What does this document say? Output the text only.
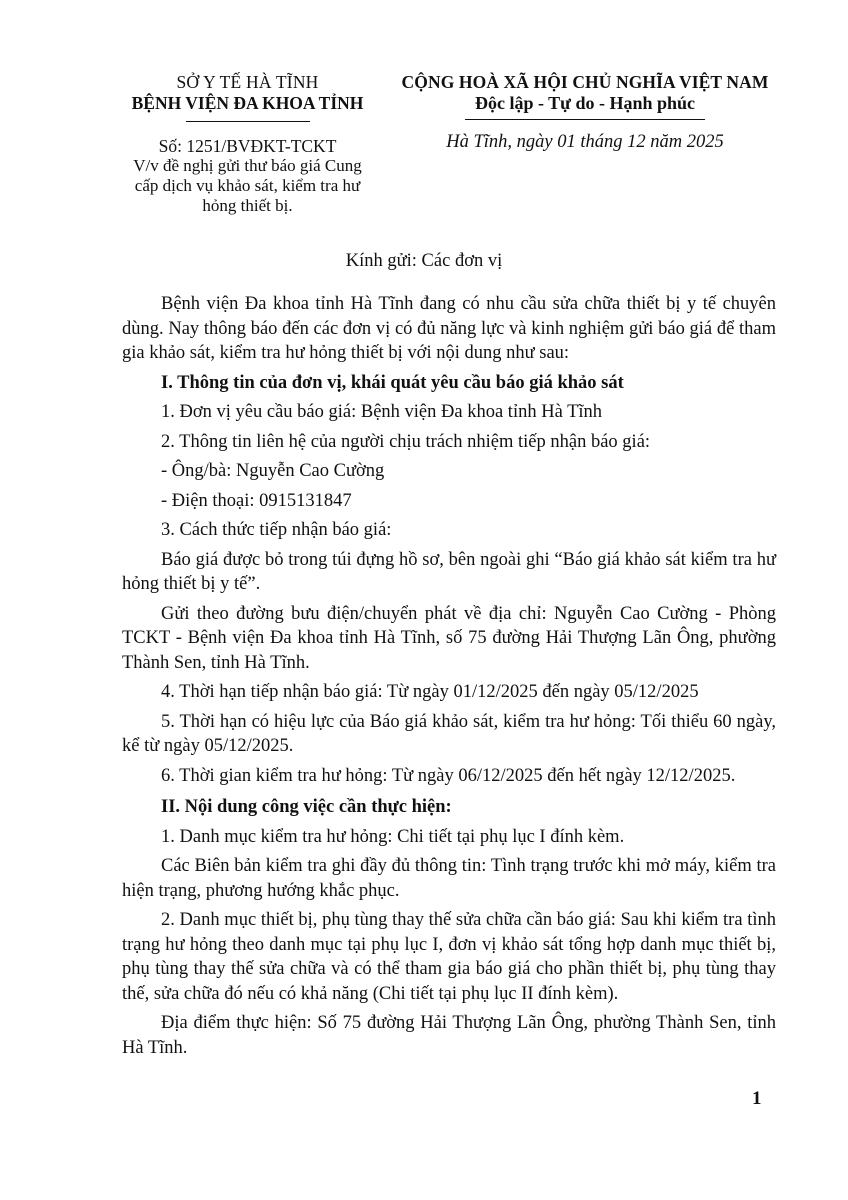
SỞ Y TẾ HÀ TĨNH
BỆNH VIỆN ĐA KHOA TỈNH
Số: 1251/BVĐKT-TCKT
V/v đề nghị gửi thư báo giá Cung cấp dịch vụ khảo sát, kiểm tra hư hỏng thiết bị.
CỘNG HOÀ XÃ HỘI CHỦ NGHĨA VIỆT NAM
Độc lập - Tự do - Hạnh phúc
Hà Tĩnh, ngày 01 tháng 12 năm 2025
Kính gửi: Các đơn vị

Bệnh viện Đa khoa tỉnh Hà Tĩnh đang có nhu cầu sửa chữa thiết bị y tế chuyên dùng. Nay thông báo đến các đơn vị có đủ năng lực và kinh nghiệm gửi báo giá để tham gia khảo sát, kiểm tra hư hỏng thiết bị với nội dung như sau:

I. Thông tin của đơn vị, khái quát yêu cầu báo giá khảo sát

1. Đơn vị yêu cầu báo giá: Bệnh viện Đa khoa tỉnh Hà Tĩnh

2. Thông tin liên hệ của người chịu trách nhiệm tiếp nhận báo giá:

- Ông/bà: Nguyễn Cao Cường

- Điện thoại: 0915131847

3. Cách thức tiếp nhận báo giá:

Báo giá được bỏ trong túi đựng hồ sơ, bên ngoài ghi “Báo giá khảo sát kiểm tra hư hỏng thiết bị y tế”.

Gửi theo đường bưu điện/chuyển phát về địa chỉ: Nguyễn Cao Cường - Phòng TCKT - Bệnh viện Đa khoa tỉnh Hà Tĩnh, số 75 đường Hải Thượng Lãn Ông, phường Thành Sen, tỉnh Hà Tĩnh.

4. Thời hạn tiếp nhận báo giá: Từ ngày 01/12/2025 đến ngày 05/12/2025

5. Thời hạn có hiệu lực của Báo giá khảo sát, kiểm tra hư hỏng: Tối thiểu 60 ngày, kể từ ngày 05/12/2025.

6. Thời gian kiểm tra hư hỏng: Từ ngày 06/12/2025 đến hết ngày 12/12/2025.

II. Nội dung công việc cần thực hiện:

1. Danh mục kiểm tra hư hỏng: Chi tiết tại phụ lục I đính kèm.

Các Biên bản kiểm tra ghi đầy đủ thông tin: Tình trạng trước khi mở máy, kiểm tra hiện trạng, phương hướng khắc phục.

2. Danh mục thiết bị, phụ tùng thay thế sửa chữa cần báo giá: Sau khi kiểm tra tình trạng hư hỏng theo danh mục tại phụ lục I, đơn vị khảo sát tổng hợp danh mục thiết bị, phụ tùng thay thế sửa chữa và có thể tham gia báo giá cho phần thiết bị, phụ tùng thay thế, sửa chữa đó nếu có khả năng (Chi tiết tại phụ lục II đính kèm).

Địa điểm thực hiện: Số 75 đường Hải Thượng Lãn Ông, phường Thành Sen, tỉnh Hà Tĩnh.

1
